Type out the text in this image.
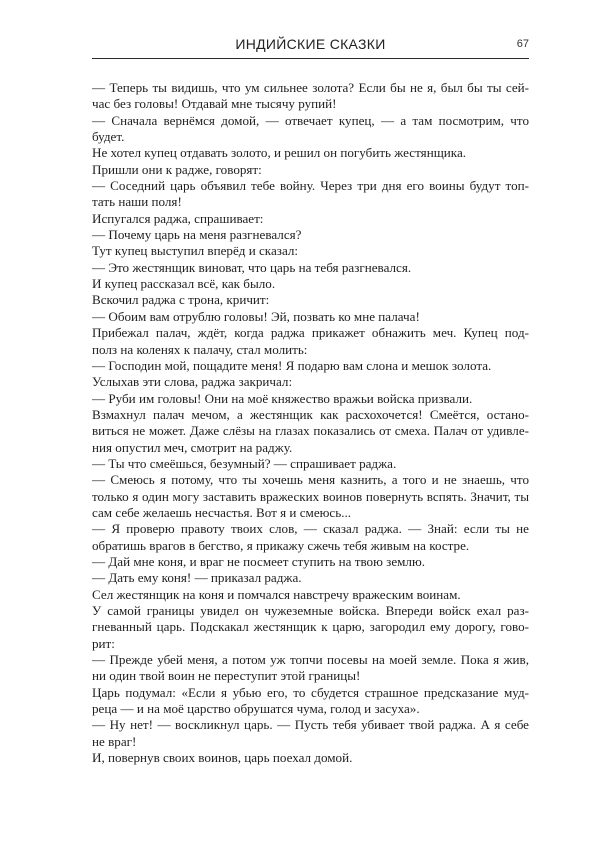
ИНДИЙСКИЕ СКАЗКИ	67
— Теперь ты видишь, что ум сильнее золота? Если бы не я, был бы ты сей-
час без головы! Отдавай мне тысячу рупий!
— Сначала вернёмся домой, — отвечает купец, — а там посмотрим, что
будет.
Не хотел купец отдавать золото, и решил он погубить жестянщика.
Пришли они к радже, говорят:
— Соседний царь объявил тебе войну. Через три дня его воины будут топ-
тать наши поля!
Испугался раджа, спрашивает:
— Почему царь на меня разгневался?
Тут купец выступил вперёд и сказал:
— Это жестянщик виноват, что царь на тебя разгневался.
И купец рассказал всё, как было.
Вскочил раджа с трона, кричит:
— Обоим вам отрублю головы! Эй, позвать ко мне палача!
Прибежал палач, ждёт, когда раджа прикажет обнажить меч. Купец под-
полз на коленях к палачу, стал молить:
— Господин мой, пощадите меня! Я подарю вам слона и мешок золота.
Услыхав эти слова, раджа закричал:
— Руби им головы! Они на моё княжество вражьи войска призвали.
Взмахнул палач мечом, а жестянщик как расхохочется! Смеётся, остано-
виться не может. Даже слёзы на глазах показались от смеха. Палач от удивле-
ния опустил меч, смотрит на раджу.
— Ты что смеёшься, безумный? — спрашивает раджа.
— Смеюсь я потому, что ты хочешь меня казнить, а того и не знаешь, что
только я один могу заставить вражеских воинов повернуть вспять. Значит, ты
сам себе желаешь несчастья. Вот я и смеюсь...
— Я проверю правоту твоих слов, — сказал раджа. — Знай: если ты не
обратишь врагов в бегство, я прикажу сжечь тебя живым на костре.
— Дай мне коня, и враг не посмеет ступить на твою землю.
— Дать ему коня! — приказал раджа.
Сел жестянщик на коня и помчался навстречу вражеским воинам.
У самой границы увидел он чужеземные войска. Впереди войск ехал раз-
гневанный царь. Подскакал жестянщик к царю, загородил ему дорогу, гово-
рит:
— Прежде убей меня, а потом уж топчи посевы на моей земле. Пока я жив,
ни один твой воин не переступит этой границы!
Царь подумал: «Если я убью его, то сбудется страшное предсказание муд-
реца — и на моё царство обрушатся чума, голод и засуха».
— Ну нет! — воскликнул царь. — Пусть тебя убивает твой раджа. А я себе
не враг!
И, повернув своих воинов, царь поехал домой.
